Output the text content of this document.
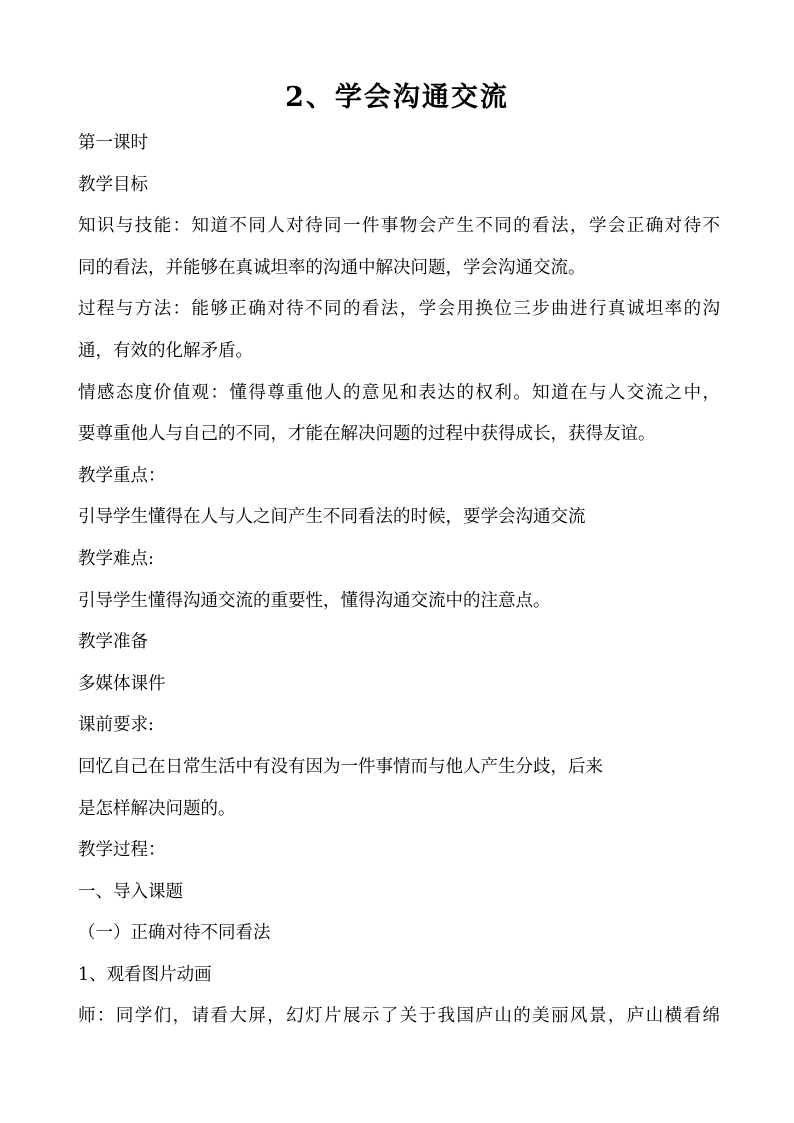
2、学会沟通交流

第一课时

教学目标

知识与技能：知道不同人对待同一件事物会产生不同的看法，学会正确对待不

同的看法，并能够在真诚坦率的沟通中解决问题，学会沟通交流。

过程与方法：能够正确对待不同的看法，学会用换位三步曲进行真诚坦率的沟

通，有效的化解矛盾。

情感态度价值观：懂得尊重他人的意见和表达的权利。知道在与人交流之中，

要尊重他人与自己的不同，才能在解决问题的过程中获得成长，获得友谊。

教学重点：

引导学生懂得在人与人之间产生不同看法的时候，要学会沟通交流

教学难点:

引导学生懂得沟通交流的重要性，懂得沟通交流中的注意点。

教学准备

多媒体课件

课前要求:

回忆自己在日常生活中有没有因为一件事情而与他人产生分歧，后来

是怎样解决问题的。

教学过程：

一、导入课题

（一）正确对待不同看法

1、观看图片动画

师：同学们，请看大屏，幻灯片展示了关于我国庐山的美丽风景，庐山横看绵
